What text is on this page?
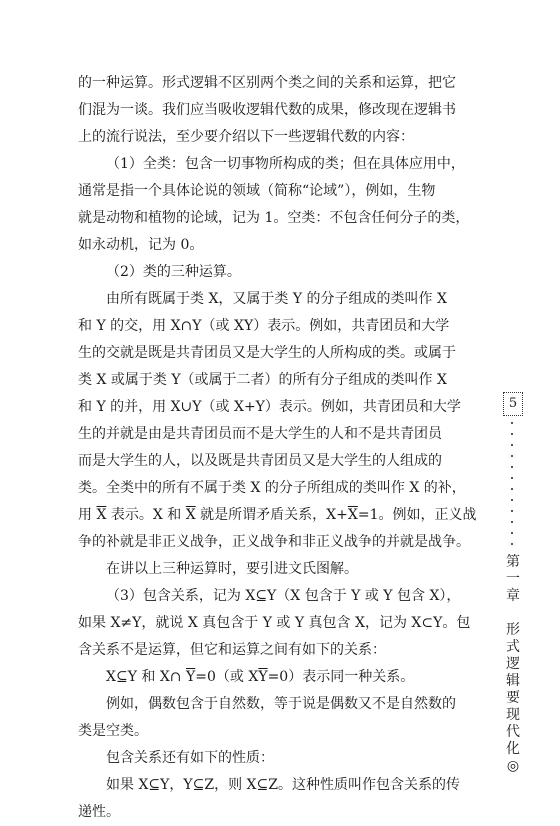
的一种运算。形式逻辑不区别两个类之间的关系和运算，把它
们混为一谈。我们应当吸收逻辑代数的成果，修改现在逻辑书
上的流行说法，至少要介绍以下一些逻辑代数的内容：
（1）全类：包含一切事物所构成的类；但在具体应用中，
通常是指一个具体论说的领域（简称“论域”），例如，生物
就是动物和植物的论域，记为 1。空类：不包含任何分子的类，
如永动机，记为 0。
（2）类的三种运算。
由所有既属于类 X，又属于类 Y 的分子组成的类叫作 X
和 Y 的交，用 X∩Y（或 XY）表示。例如，共青团员和大学
生的交就是既是共青团员又是大学生的人所构成的类。或属于
类 X 或属于类 Y（或属于二者）的所有分子组成的类叫作 X
和 Y 的并，用 X∪Y（或 X+Y）表示。例如，共青团员和大学
生的并就是由是共青团员而不是大学生的人和不是共青团员
而是大学生的人，以及既是共青团员又是大学生的人组成的
类。全类中的所有不属于类 X 的分子所组成的类叫作 X 的补，
用 $\overline{X}$ 表示。X 和 $\overline{X}$ 就是所谓矛盾关系，$X+\overline{X}=1$。例如，正义战
争的补就是非正义战争，正义战争和非正义战争的并就是战争。
在讲以上三种运算时，要引进文氏图解。
（3）包含关系，记为 X⊆Y（X 包含于 Y 或 Y 包含 X），
如果 X≠Y，就说 X 真包含于 Y 或 Y 真包含 X，记为 X⊂Y。包
含关系不是运算，但它和运算之间有如下的关系：
X⊆Y 和 X∩ $\overline{Y}=0$（或 $X\overline{Y}=0$）表示同一种关系。
例如，偶数包含于自然数，等于说是偶数又不是自然数的
类是空类。
包含关系还有如下的性质：
如果 X⊆Y，Y⊆Z，则 X⊆Z。这种性质叫作包含关系的传
递性。
5
第
一
章

形
式
逻
辑
要
现
代
化
◎
